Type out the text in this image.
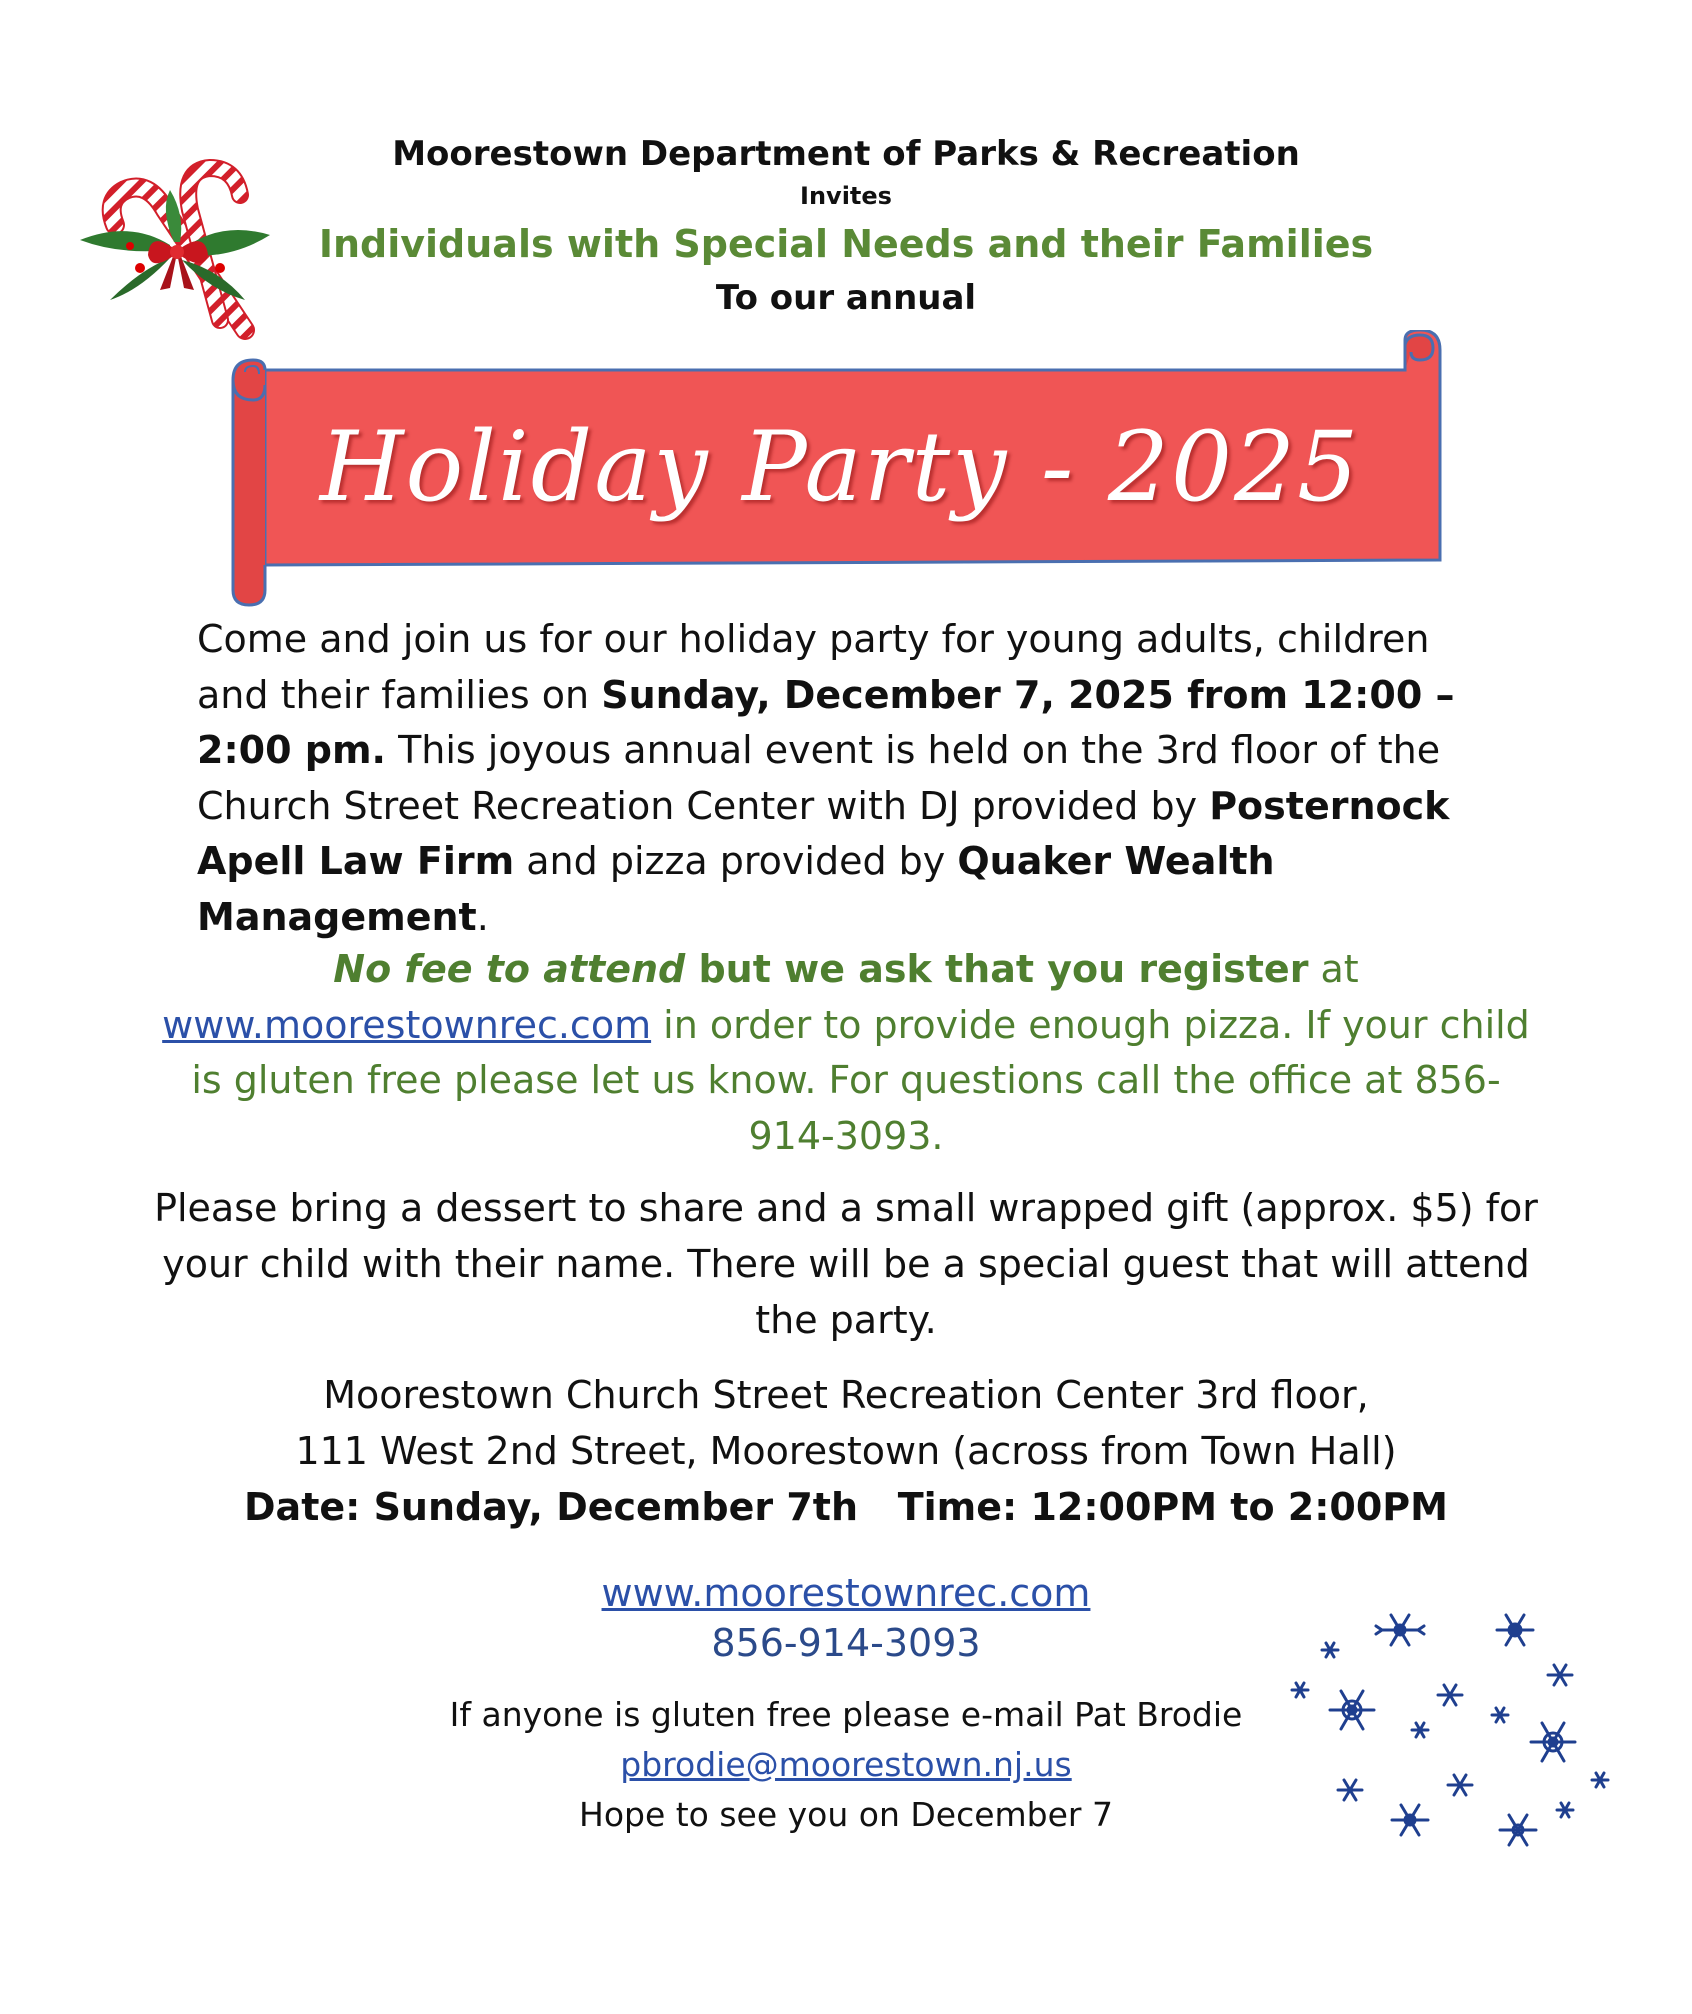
Moorestown Department of Parks & Recreation
Invites
Individuals with Special Needs and their Families
To our annual
Holiday Party - 2025
Come and join us for our holiday party for young adults, children and their families on Sunday, December 7, 2025 from 12:00 – 2:00 pm. This joyous annual event is held on the 3rd floor of the Church Street Recreation Center with DJ provided by Posternock Apell Law Firm and pizza provided by Quaker Wealth Management.
No fee to attend but we ask that you register at
www.moorestownrec.com in order to provide enough pizza. If your child is gluten free please let us know. For questions call the office at 856-914-3093.
Please bring a dessert to share and a small wrapped gift (approx. $5) for your child with their name. There will be a special guest that will attend the party.
Moorestown Church Street Recreation Center 3rd floor,
111 West 2nd Street, Moorestown (across from Town Hall)
Date: Sunday, December 7th   Time: 12:00PM to 2:00PM
www.moorestownrec.com
856-914-3093
If anyone is gluten free please e-mail Pat Brodie
pbrodie@moorestown.nj.us
Hope to see you on December 7
